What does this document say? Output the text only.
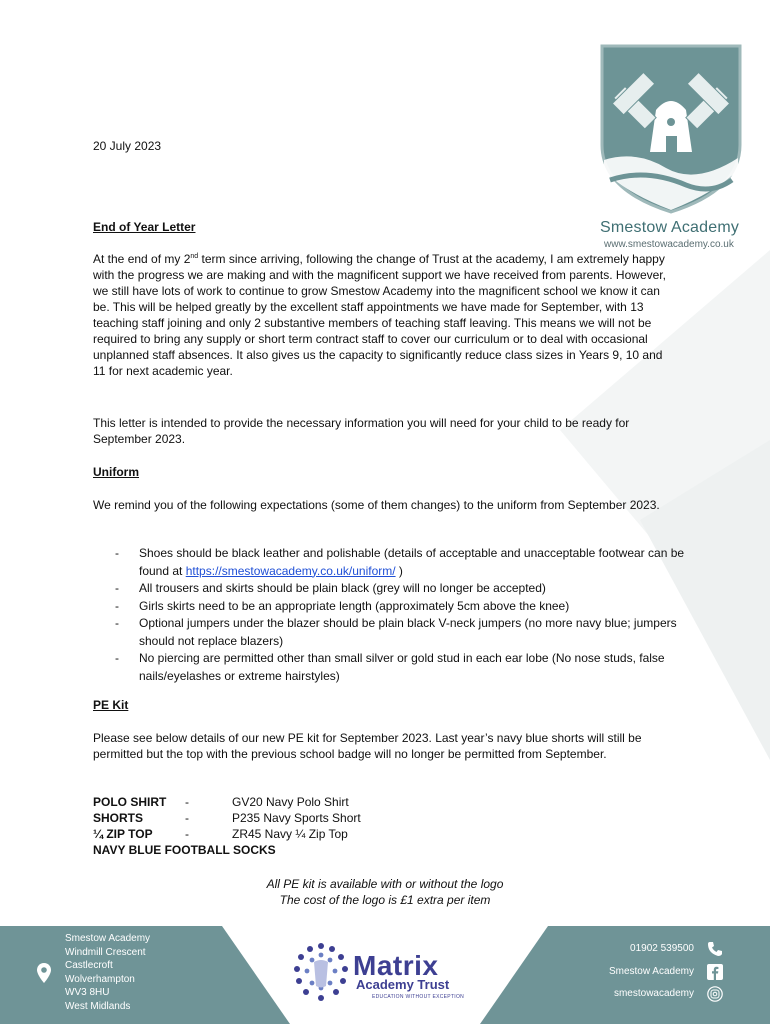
Smestow Academy
www.smestowacademy.co.uk
20 July 2023
End of Year Letter
At the end of my 2nd term since arriving, following the change of Trust at the academy, I am extremely happy with the progress we are making and with the magnificent support we have received from parents. However, we still have lots of work to continue to grow Smestow Academy into the magnificent school we know it can be. This will be helped greatly by the excellent staff appointments we have made for September, with 13 teaching staff joining and only 2 substantive members of teaching staff leaving. This means we will not be required to bring any supply or short term contract staff to cover our curriculum or to deal with occasional unplanned staff absences. It also gives us the capacity to significantly reduce class sizes in Years 9, 10 and 11 for next academic year.
This letter is intended to provide the necessary information you will need for your child to be ready for September 2023.
Uniform
We remind you of the following expectations (some of them changes) to the uniform from September 2023.
- Shoes should be black leather and polishable (details of acceptable and unacceptable footwear can be found at https://smestowacademy.co.uk/uniform/ )
- All trousers and skirts should be plain black (grey will no longer be accepted)
- Girls skirts need to be an appropriate length (approximately 5cm above the knee)
- Optional jumpers under the blazer should be plain black V-neck jumpers (no more navy blue; jumpers should not replace blazers)
- No piercing are permitted other than small silver or gold stud in each ear lobe (No nose studs, false nails/eyelashes or extreme hairstyles)
PE Kit
Please see below details of our new PE kit for September 2023. Last year’s navy blue shorts will still be permitted but the top with the previous school badge will no longer be permitted from September.
POLO SHIRT	-	GV20 Navy Polo Shirt
SHORTS	-	P235 Navy Sports Short
¼ ZIP TOP	-	ZR45 Navy ¼ Zip Top
NAVY BLUE FOOTBALL SOCKS		
All PE kit is available with or without the logo
The cost of the logo is £1 extra per item
Smestow Academy
Windmill Crescent
Castlecroft
Wolverhampton
WV3 8HU
West Midlands
Matrix
Academy Trust
EDUCATION WITHOUT EXCEPTION
01902 539500
Smestow Academy
smestowacademy
